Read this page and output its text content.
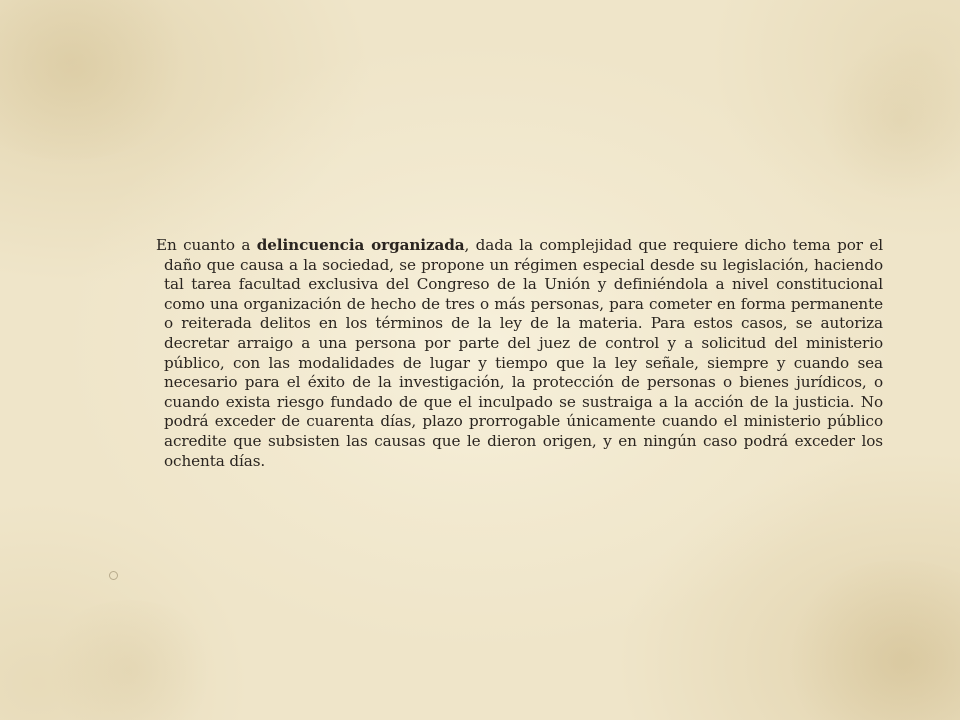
En cuanto a delincuencia organizada, dada la complejidad que requiere dicho tema por el daño que causa a la sociedad, se propone un régimen especial desde su legislación, haciendo tal tarea facultad exclusiva del Congreso de la Unión y definiéndola a nivel constitucional como una organización de hecho de tres o más personas, para cometer en forma permanente o reiterada delitos en los términos de la ley de la materia. Para estos casos, se autoriza decretar arraigo a una persona por parte del juez de control y a solicitud del ministerio público, con las modalidades de lugar y tiempo que la ley señale, siempre y cuando sea necesario para el éxito de la investigación, la protección de personas o bienes jurídicos, o cuando exista riesgo fundado de que el inculpado se sustraiga a la acción de la justicia. No podrá exceder de cuarenta días, plazo prorrogable únicamente cuando el ministerio público acredite que subsisten las causas que le dieron origen, y en ningún caso podrá exceder los ochenta días.
